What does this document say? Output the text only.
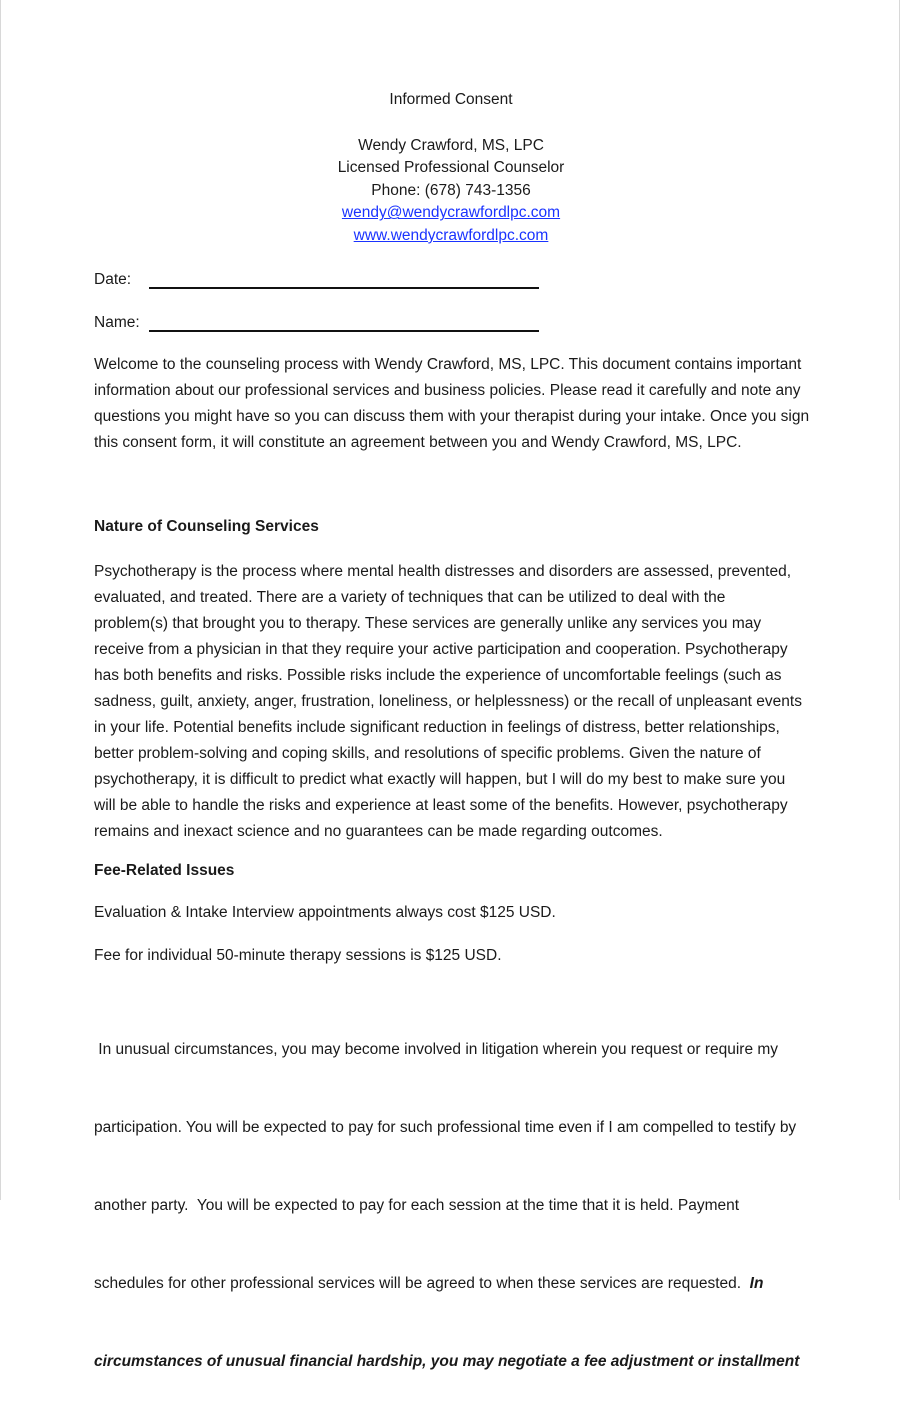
Informed Consent
Wendy Crawford, MS, LPC
Licensed Professional Counselor
Phone: (678) 743-1356
wendy@wendycrawfordlpc.com
www.wendycrawfordlpc.com
Date:
Name:

Welcome to the counseling process with Wendy Crawford, MS, LPC. This document contains important
information about our professional services and business policies. Please read it carefully and note any
questions you might have so you can discuss them with your therapist during your intake. Once you sign
this consent form, it will constitute an agreement between you and Wendy Crawford, MS, LPC.

Nature of Counseling Services

Psychotherapy is the process where mental health distresses and disorders are assessed, prevented,
evaluated, and treated. There are a variety of techniques that can be utilized to deal with the
problem(s) that brought you to therapy. These services are generally unlike any services you may
receive from a physician in that they require your active participation and cooperation. Psychotherapy
has both benefits and risks. Possible risks include the experience of uncomfortable feelings (such as
sadness, guilt, anxiety, anger, frustration, loneliness, or helplessness) or the recall of unpleasant events
in your life. Potential benefits include significant reduction in feelings of distress, better relationships,
better problem-solving and coping skills, and resolutions of specific problems. Given the nature of
psychotherapy, it is difficult to predict what exactly will happen, but I will do my best to make sure you
will be able to handle the risks and experience at least some of the benefits. However, psychotherapy
remains and inexact science and no guarantees can be made regarding outcomes.

Fee-Related Issues

Evaluation & Intake Interview appointments always cost $125 USD.

Fee for individual 50-minute therapy sessions is $125 USD.

In unusual circumstances, you may become involved in litigation wherein you request or require my

participation. You will be expected to pay for such professional time even if I am compelled to testify by

another party.  You will be expected to pay for each session at the time that it is held. Payment

schedules for other professional services will be agreed to when these services are requested.  In

circumstances of unusual financial hardship, you may negotiate a fee adjustment or installment
